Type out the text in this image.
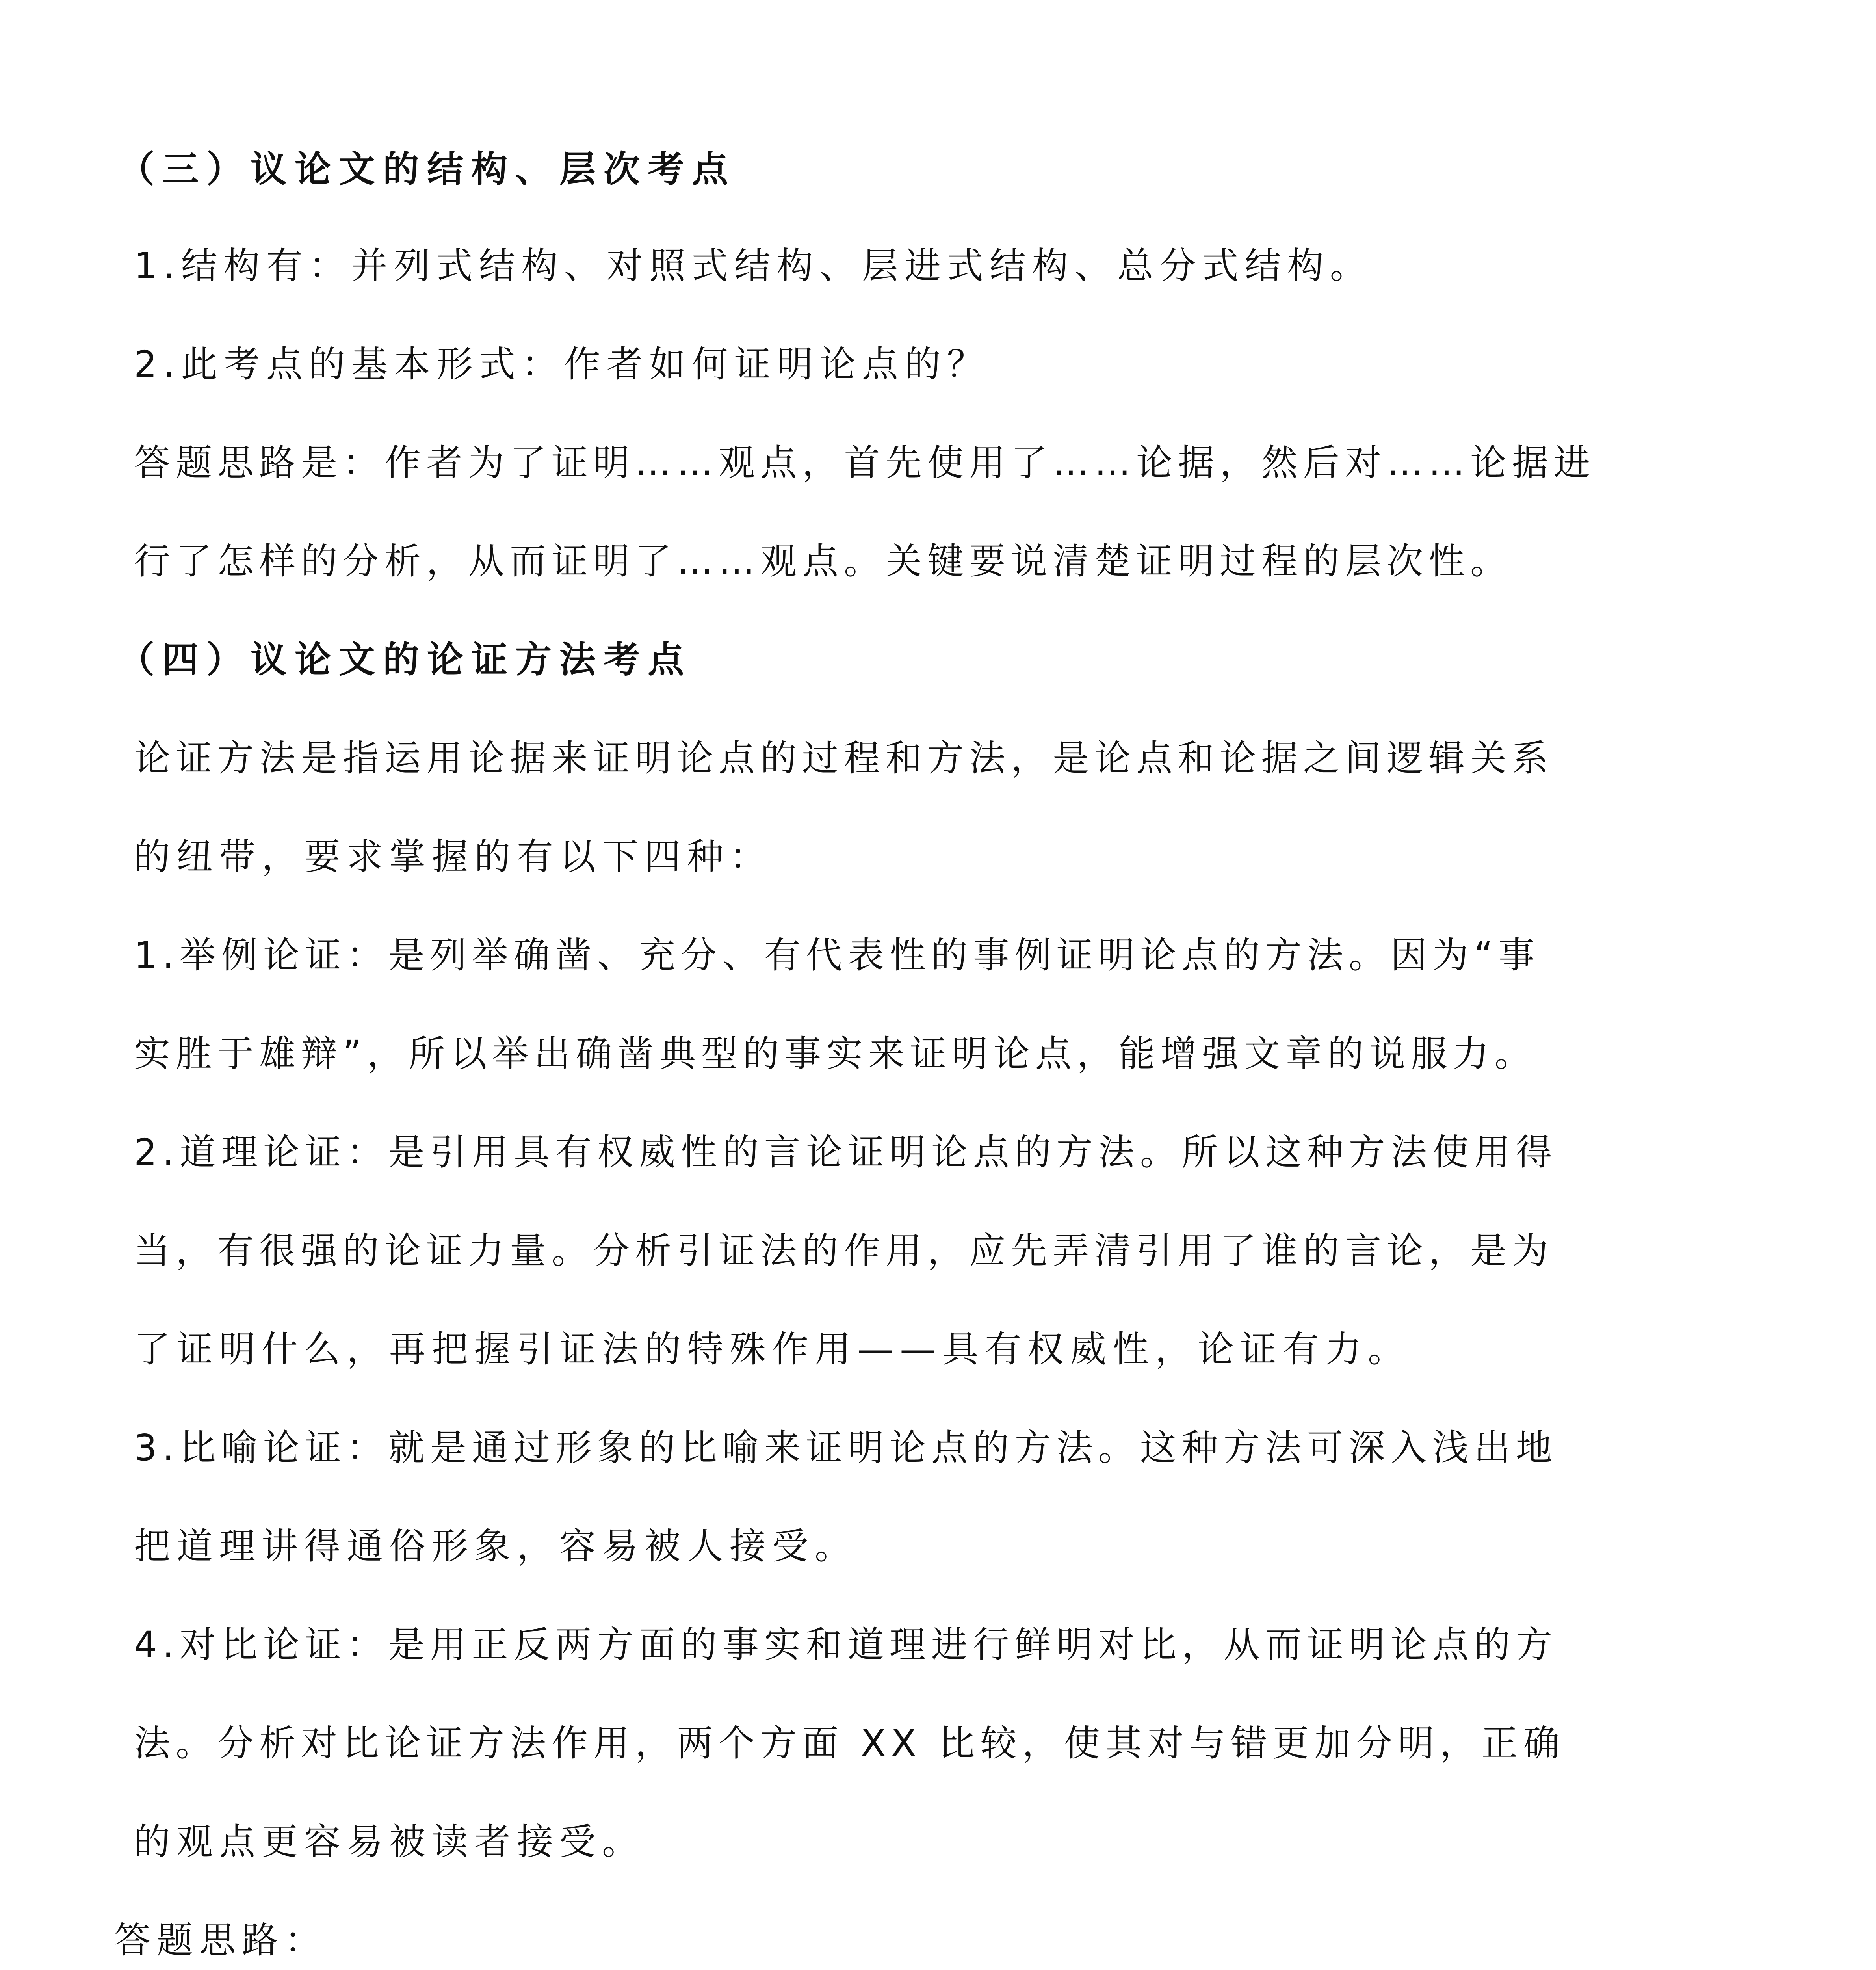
（三）议论文的结构、层次考点
1.结构有：并列式结构、对照式结构、层进式结构、总分式结构。
2.此考点的基本形式：作者如何证明论点的？
答题思路是：作者为了证明……观点，首先使用了……论据，然后对……论据进
行了怎样的分析，从而证明了……观点。关键要说清楚证明过程的层次性。
（四）议论文的论证方法考点
论证方法是指运用论据来证明论点的过程和方法，是论点和论据之间逻辑关系
的纽带，要求掌握的有以下四种：
1.举例论证：是列举确凿、充分、有代表性的事例证明论点的方法。因为“事
实胜于雄辩”，所以举出确凿典型的事实来证明论点，能增强文章的说服力。
2.道理论证：是引用具有权威性的言论证明论点的方法。所以这种方法使用得
当，有很强的论证力量。分析引证法的作用，应先弄清引用了谁的言论，是为
了证明什么，再把握引证法的特殊作用——具有权威性，论证有力。
3.比喻论证：就是通过形象的比喻来证明论点的方法。这种方法可深入浅出地
把道理讲得通俗形象，容易被人接受。
4.对比论证：是用正反两方面的事实和道理进行鲜明对比，从而证明论点的方
法。分析对比论证方法作用，两个方面 XX 比较，使其对与错更加分明，正确
的观点更容易被读者接受。
答题思路：
